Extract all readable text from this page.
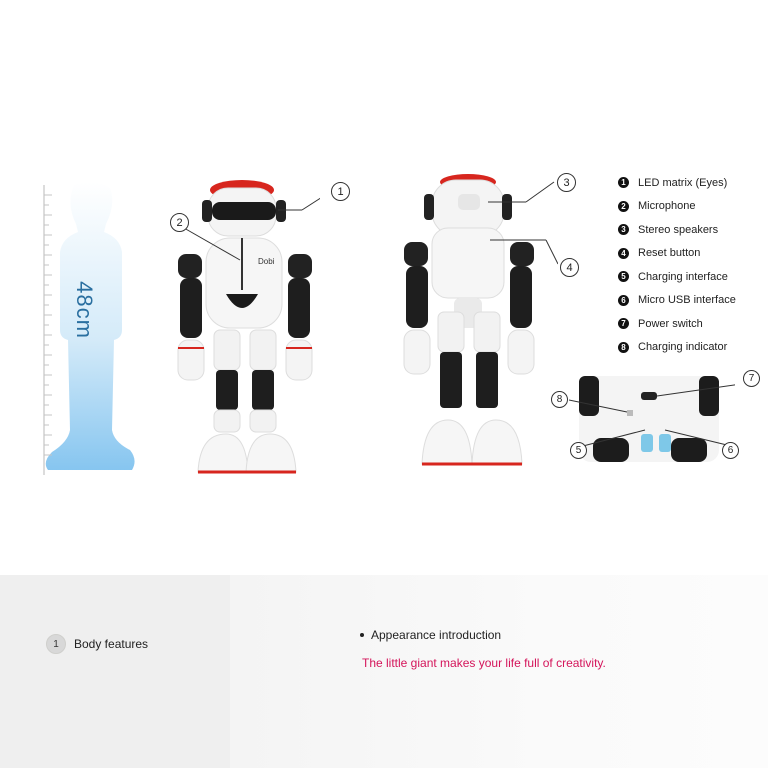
48cm
Dobi
1
2
3
4
1 LED matrix (Eyes)
2 Microphone
3 Stereo speakers
4 Reset button
5 Charging interface
6 Micro USB interface
7 Power switch
8 Charging indicator
7
8
5	6
1	Body features
Appearance introduction
The little giant makes your life full of creativity.
